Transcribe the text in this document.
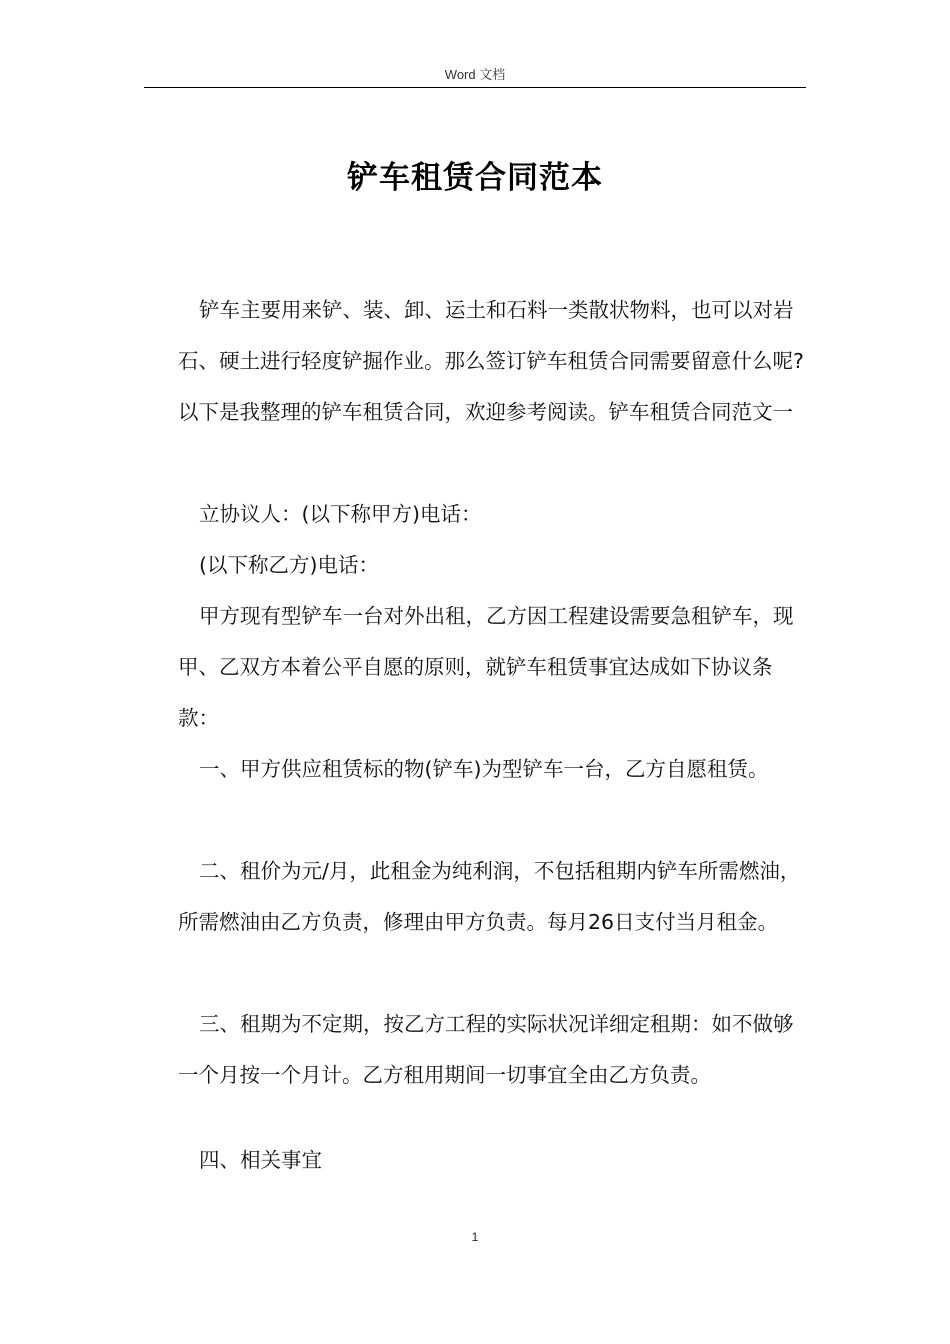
Word 文档
铲车租赁合同范本

铲车主要用来铲、装、卸、运土和石料一类散状物料，也可以对岩石、硬土进行轻度铲掘作业。那么签订铲车租赁合同需要留意什么呢?以下是我整理的铲车租赁合同，欢迎参考阅读。铲车租赁合同范文一

立协议人：(以下称甲方)电话：

(以下称乙方)电话：

甲方现有型铲车一台对外出租，乙方因工程建设需要急租铲车，现甲、乙双方本着公平自愿的原则，就铲车租赁事宜达成如下协议条款：

一、甲方供应租赁标的物(铲车)为型铲车一台，乙方自愿租赁。

二、租价为元/月，此租金为纯利润，不包括租期内铲车所需燃油，所需燃油由乙方负责，修理由甲方负责。每月26日支付当月租金。

三、租期为不定期，按乙方工程的实际状况详细定租期：如不做够一个月按一个月计。乙方租用期间一切事宜全由乙方负责。

四、相关事宜

1
